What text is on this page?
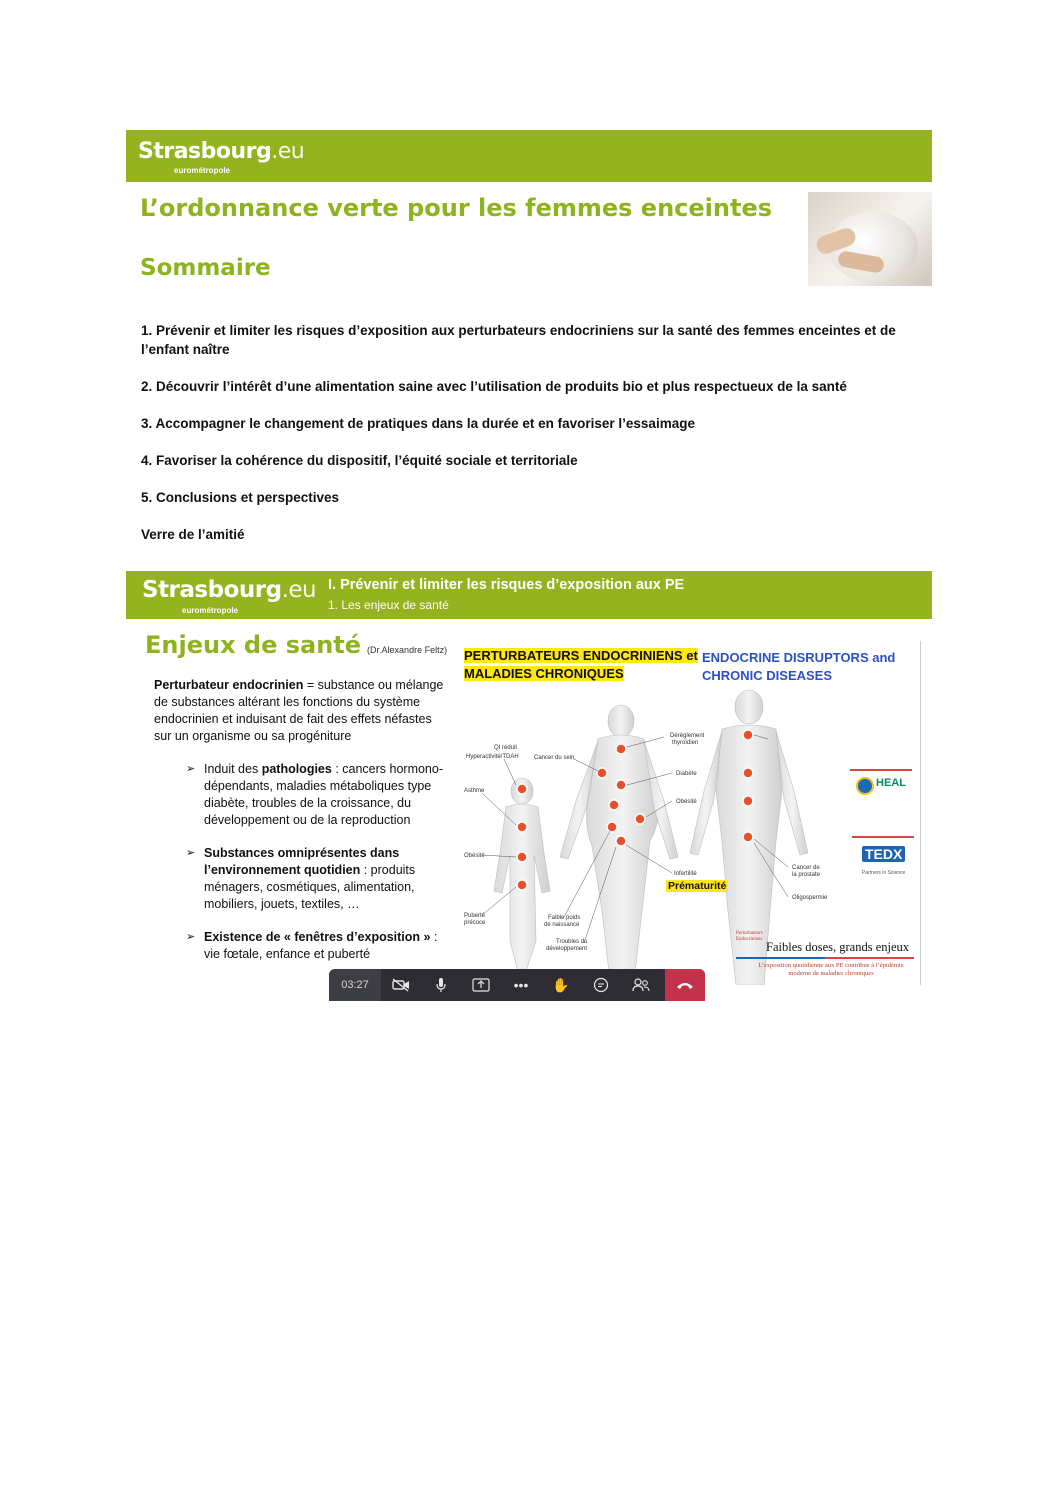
Strasbourg.eu
eurométropole
L’ordonnance verte pour les femmes enceintes
Sommaire

1. Prévenir et limiter les risques d’exposition aux perturbateurs endocriniens sur la santé des femmes enceintes et de l’enfant naître

2. Découvrir l’intérêt d’une alimentation saine avec l’utilisation de produits bio et plus respectueux de la santé

3. Accompagner le changement de pratiques dans la durée et en favoriser l’essaimage

4. Favoriser la cohérence du dispositif, l’équité sociale et territoriale

5. Conclusions et perspectives

Verre de l’amitié

Strasbourg.eu
eurométropole
I. Prévenir et limiter les risques d’exposition aux PE
1. Les enjeux de santé
Enjeux de santé (Dr.Alexandre Feltz)

Perturbateur endocrinien = substance ou mélange de substances altérant les fonctions du système endocrinien et induisant de fait des effets néfastes sur un organisme ou sa progéniture

➢ Induit des pathologies : cancers hormono-dépendants, maladies métaboliques type diabète, troubles de la croissance, du développement ou de la reproduction
➢ Substances omniprésentes dans l’environnement quotidien : produits ménagers, cosmétiques, alimentation, mobiliers, jouets, textiles, …
➢ Existence de « fenêtres d’exposition » : vie fœtale, enfance et puberté
PERTURBATEURS ENDOCRINIENS et
MALADIES CHRONIQUES
ENDOCRINE DISRUPTORS and
CHRONIC DISEASES
QI réduit
Hyperactivité/TDAH
Asthme
Obésité
Puberté
précoce
Cancer du sein
Faible poids
de naissance
Troubles du
développement
Dérèglement
thyroïdien
Diabète
Obésité
Infertilité
Cancer de
la prostate
Oligospermie
Prématurité
HEAL
TEDX
Partners in Science
Perturbateurs
Endocriniens
Faibles doses, grands enjeux
L’exposition quotidienne aux PE contribue à l’épidémie moderne de maladies chroniques
03:27	•••	✋
